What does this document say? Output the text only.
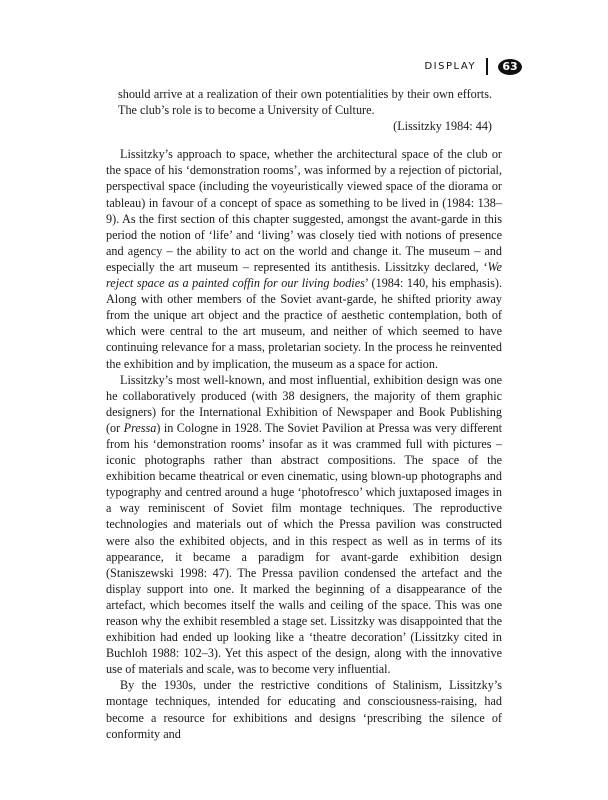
DISPLAY	63
should arrive at a realization of their own potentialities by their own efforts. The club’s role is to become a University of Culture.
(Lissitzky 1984: 44)

Lissitzky’s approach to space, whether the architectural space of the club or the space of his ‘demonstration rooms’, was informed by a rejection of pictorial, perspectival space (including the voyeuristically viewed space of the diorama or tableau) in favour of a concept of space as something to be lived in (1984: 138–9). As the first section of this chapter suggested, amongst the avant-garde in this period the notion of ‘life’ and ‘living’ was closely tied with notions of presence and agency – the ability to act on the world and change it. The museum – and especially the art museum – represented its antithesis. Lissitzky declared, ‘We reject space as a painted coffin for our living bodies’ (1984: 140, his emphasis). Along with other members of the Soviet avant-garde, he shifted priority away from the unique art object and the practice of aesthetic contemplation, both of which were central to the art museum, and neither of which seemed to have continuing relevance for a mass, proletarian society. In the process he reinvented the exhibition and by implication, the museum as a space for action.

Lissitzky’s most well-known, and most influential, exhibition design was one he collaboratively produced (with 38 designers, the majority of them graphic designers) for the International Exhibition of Newspaper and Book Publishing (or Pressa) in Cologne in 1928. The Soviet Pavilion at Pressa was very different from his ‘demonstration rooms’ insofar as it was crammed full with pictures – iconic photographs rather than abstract compositions. The space of the exhibition became theatrical or even cinematic, using blown-up photographs and typography and centred around a huge ‘photofresco’ which juxtaposed images in a way reminiscent of Soviet film montage techniques. The reproductive technologies and materials out of which the Pressa pavilion was constructed were also the exhibited objects, and in this respect as well as in terms of its appearance, it became a paradigm for avant-garde exhibition design (Staniszewski 1998: 47). The Pressa pavilion condensed the artefact and the display support into one. It marked the beginning of a disappearance of the artefact, which becomes itself the walls and ceiling of the space. This was one reason why the exhibit resembled a stage set. Lissitzky was disappointed that the exhibition had ended up looking like a ‘theatre decoration’ (Lissitzky cited in Buchloh 1988: 102–3). Yet this aspect of the design, along with the innovative use of materials and scale, was to become very influential.

By the 1930s, under the restrictive conditions of Stalinism, Lissitzky’s montage techniques, intended for educating and consciousness-raising, had become a resource for exhibitions and designs ‘prescribing the silence of conformity and
